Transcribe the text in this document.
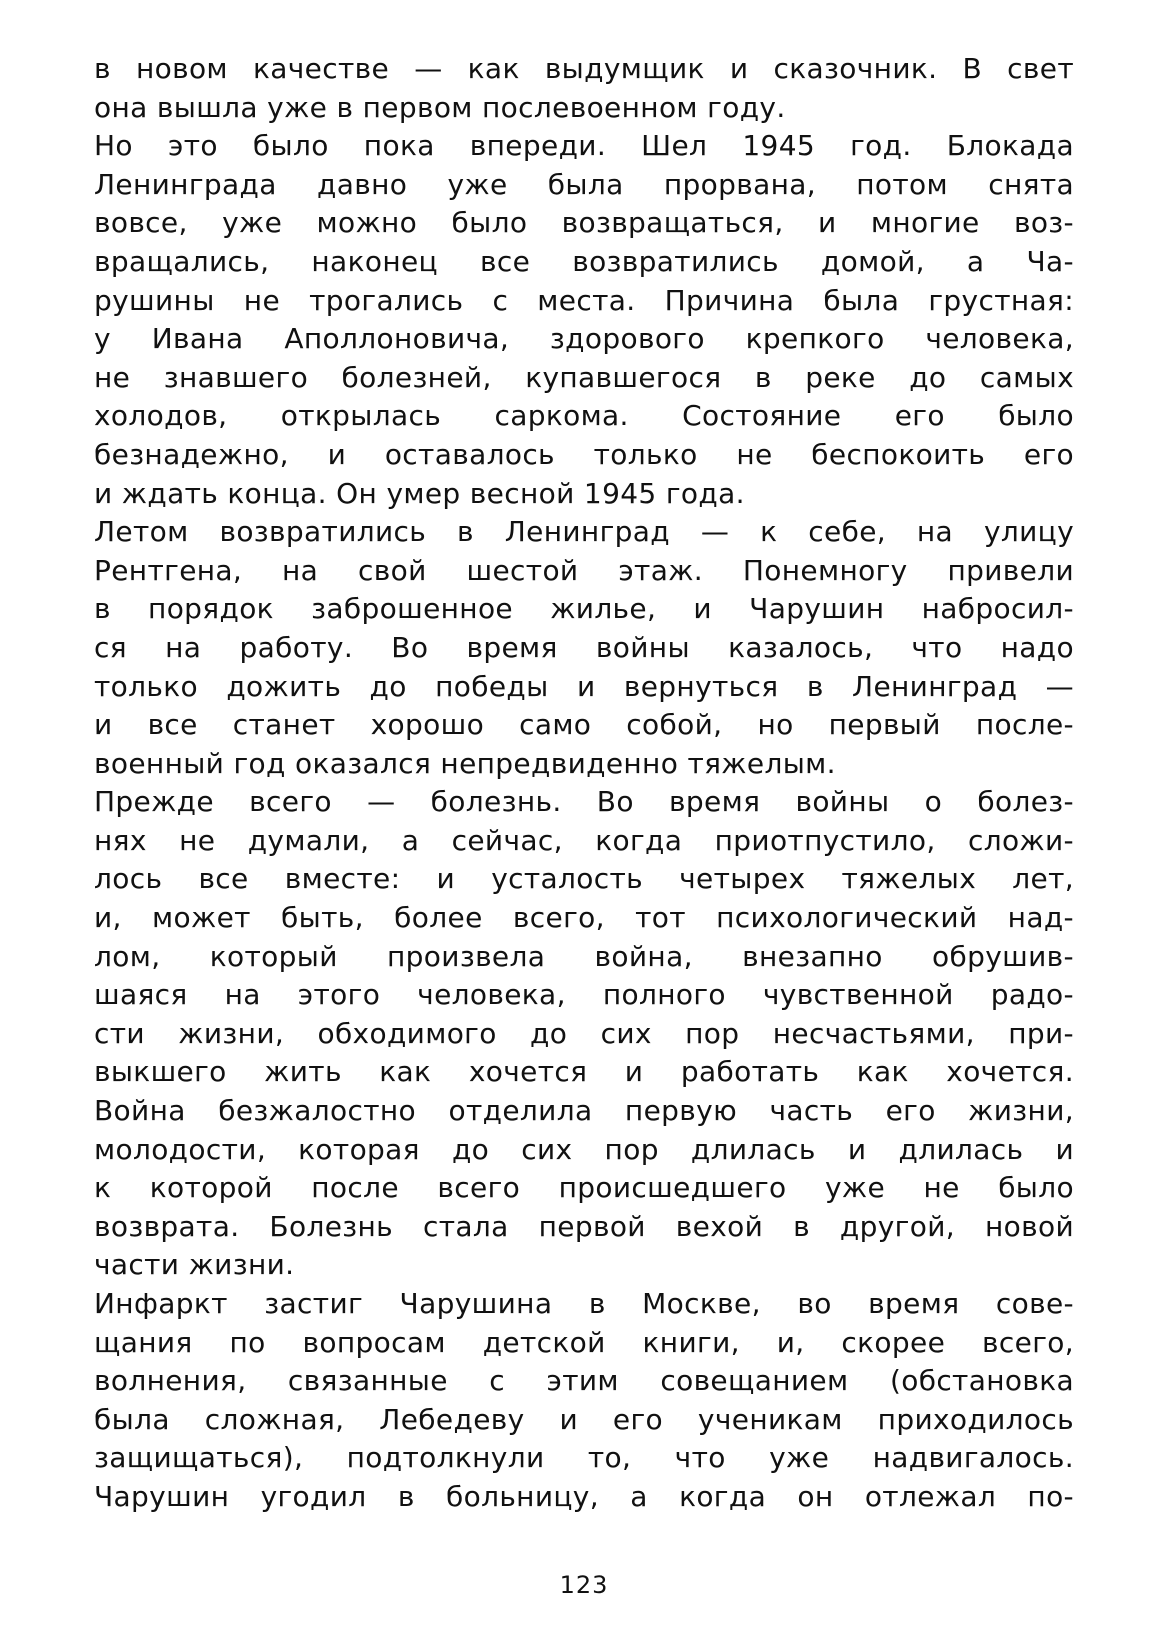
в новом качестве — как выдумщик и сказочник. В свет
она вышла уже в первом послевоенном году.
Но это было пока впереди. Шел 1945 год. Блокада
Ленинграда давно уже была прорвана, потом снята
вовсе, уже можно было возвращаться, и многие воз-
вращались, наконец все возвратились домой, а Ча-
рушины не трогались с места. Причина была грустная:
у Ивана Аполлоновича, здорового крепкого человека,
не знавшего болезней, купавшегося в реке до самых
холодов, открылась саркома. Состояние его было
безнадежно, и оставалось только не беспокоить его
и ждать конца. Он умер весной 1945 года.
Летом возвратились в Ленинград — к себе, на улицу
Рентгена, на свой шестой этаж. Понемногу привели
в порядок заброшенное жилье, и Чарушин набросил-
ся на работу. Во время войны казалось, что надо
только дожить до победы и вернуться в Ленинград —
и все станет хорошо само собой, но первый после-
военный год оказался непредвиденно тяжелым.
Прежде всего — болезнь. Во время войны о болез-
нях не думали, а сейчас, когда приотпустило, сложи-
лось все вместе: и усталость четырех тяжелых лет,
и, может быть, более всего, тот психологический над-
лом, который произвела война, внезапно обрушив-
шаяся на этого человека, полного чувственной радо-
сти жизни, обходимого до сих пор несчастьями, при-
выкшего жить как хочется и работать как хочется.
Война безжалостно отделила первую часть его жизни,
молодости, которая до сих пор длилась и длилась и
к которой после всего происшедшего уже не было
возврата. Болезнь стала первой вехой в другой, новой
части жизни.
Инфаркт застиг Чарушина в Москве, во время сове-
щания по вопросам детской книги, и, скорее всего,
волнения, связанные с этим совещанием (обстановка
была сложная, Лебедеву и его ученикам приходилось
защищаться), подтолкнули то, что уже надвигалось.
Чарушин угодил в больницу, а когда он отлежал по-
123
